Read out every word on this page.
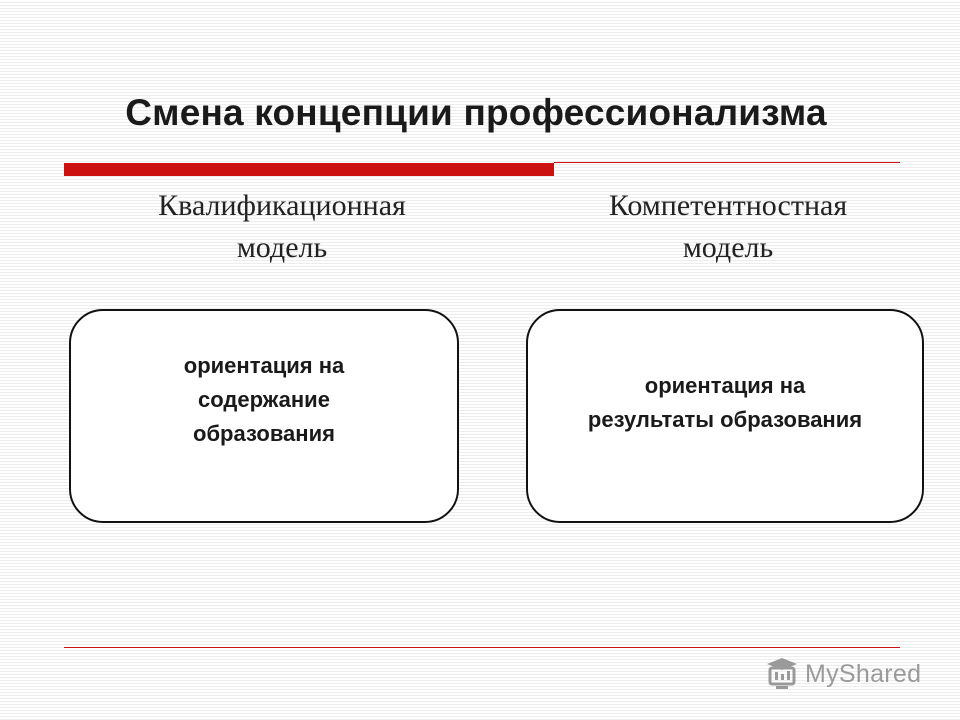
Смена концепции профессионализма
Квалификационная
модель
Компетентностная
модель
ориентация на
содержание
образования
ориентация на
результаты образования
MyShared
